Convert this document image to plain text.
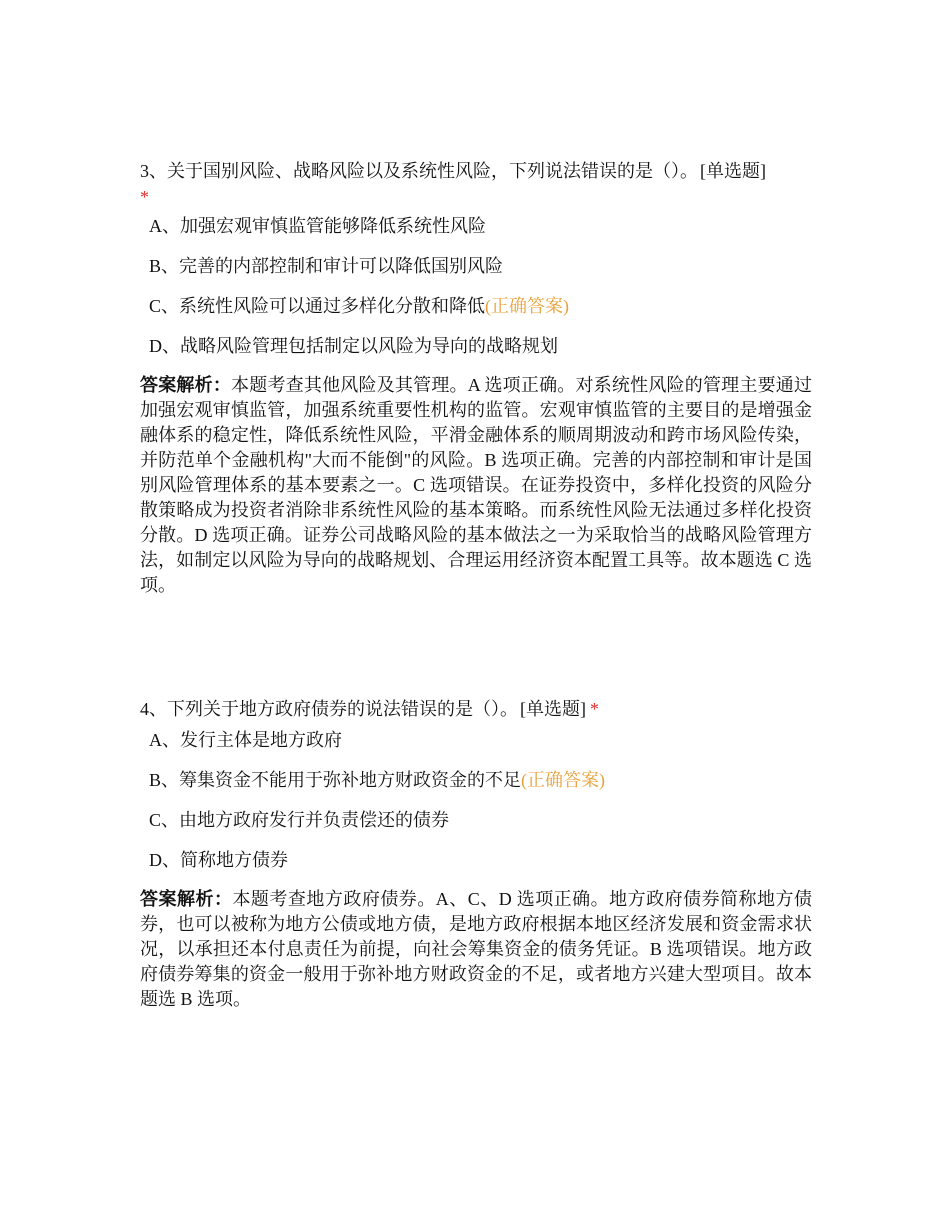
3、关于国别风险、战略风险以及系统性风险，下列说法错误的是（）。 [单选题]
*
A、加强宏观审慎监管能够降低系统性风险
B、完善的内部控制和审计可以降低国别风险
C、系统性风险可以通过多样化分散和降低(正确答案)
D、战略风险管理包括制定以风险为导向的战略规划

答案解析：本题考查其他风险及其管理。A 选项正确。对系统性风险的管理主要通过加强宏观审慎监管，加强系统重要性机构的监管。宏观审慎监管的主要目的是增强金融体系的稳定性，降低系统性风险，平滑金融体系的顺周期波动和跨市场风险传染，并防范单个金融机构"大而不能倒"的风险。B 选项正确。完善的内部控制和审计是国别风险管理体系的基本要素之一。C 选项错误。在证券投资中，多样化投资的风险分散策略成为投资者消除非系统性风险的基本策略。而系统性风险无法通过多样化投资分散。D 选项正确。证券公司战略风险的基本做法之一为采取恰当的战略风险管理方法，如制定以风险为导向的战略规划、合理运用经济资本配置工具等。故本题选 C 选项。

4、下列关于地方政府债券的说法错误的是（）。 [单选题] *
A、发行主体是地方政府
B、筹集资金不能用于弥补地方财政资金的不足(正确答案)
C、由地方政府发行并负责偿还的债券
D、简称地方债券

答案解析：本题考查地方政府债券。A、C、D 选项正确。地方政府债券简称地方债券，也可以被称为地方公债或地方债，是地方政府根据本地区经济发展和资金需求状况，以承担还本付息责任为前提，向社会筹集资金的债务凭证。B 选项错误。地方政府债券筹集的资金一般用于弥补地方财政资金的不足，或者地方兴建大型项目。故本题选 B 选项。
